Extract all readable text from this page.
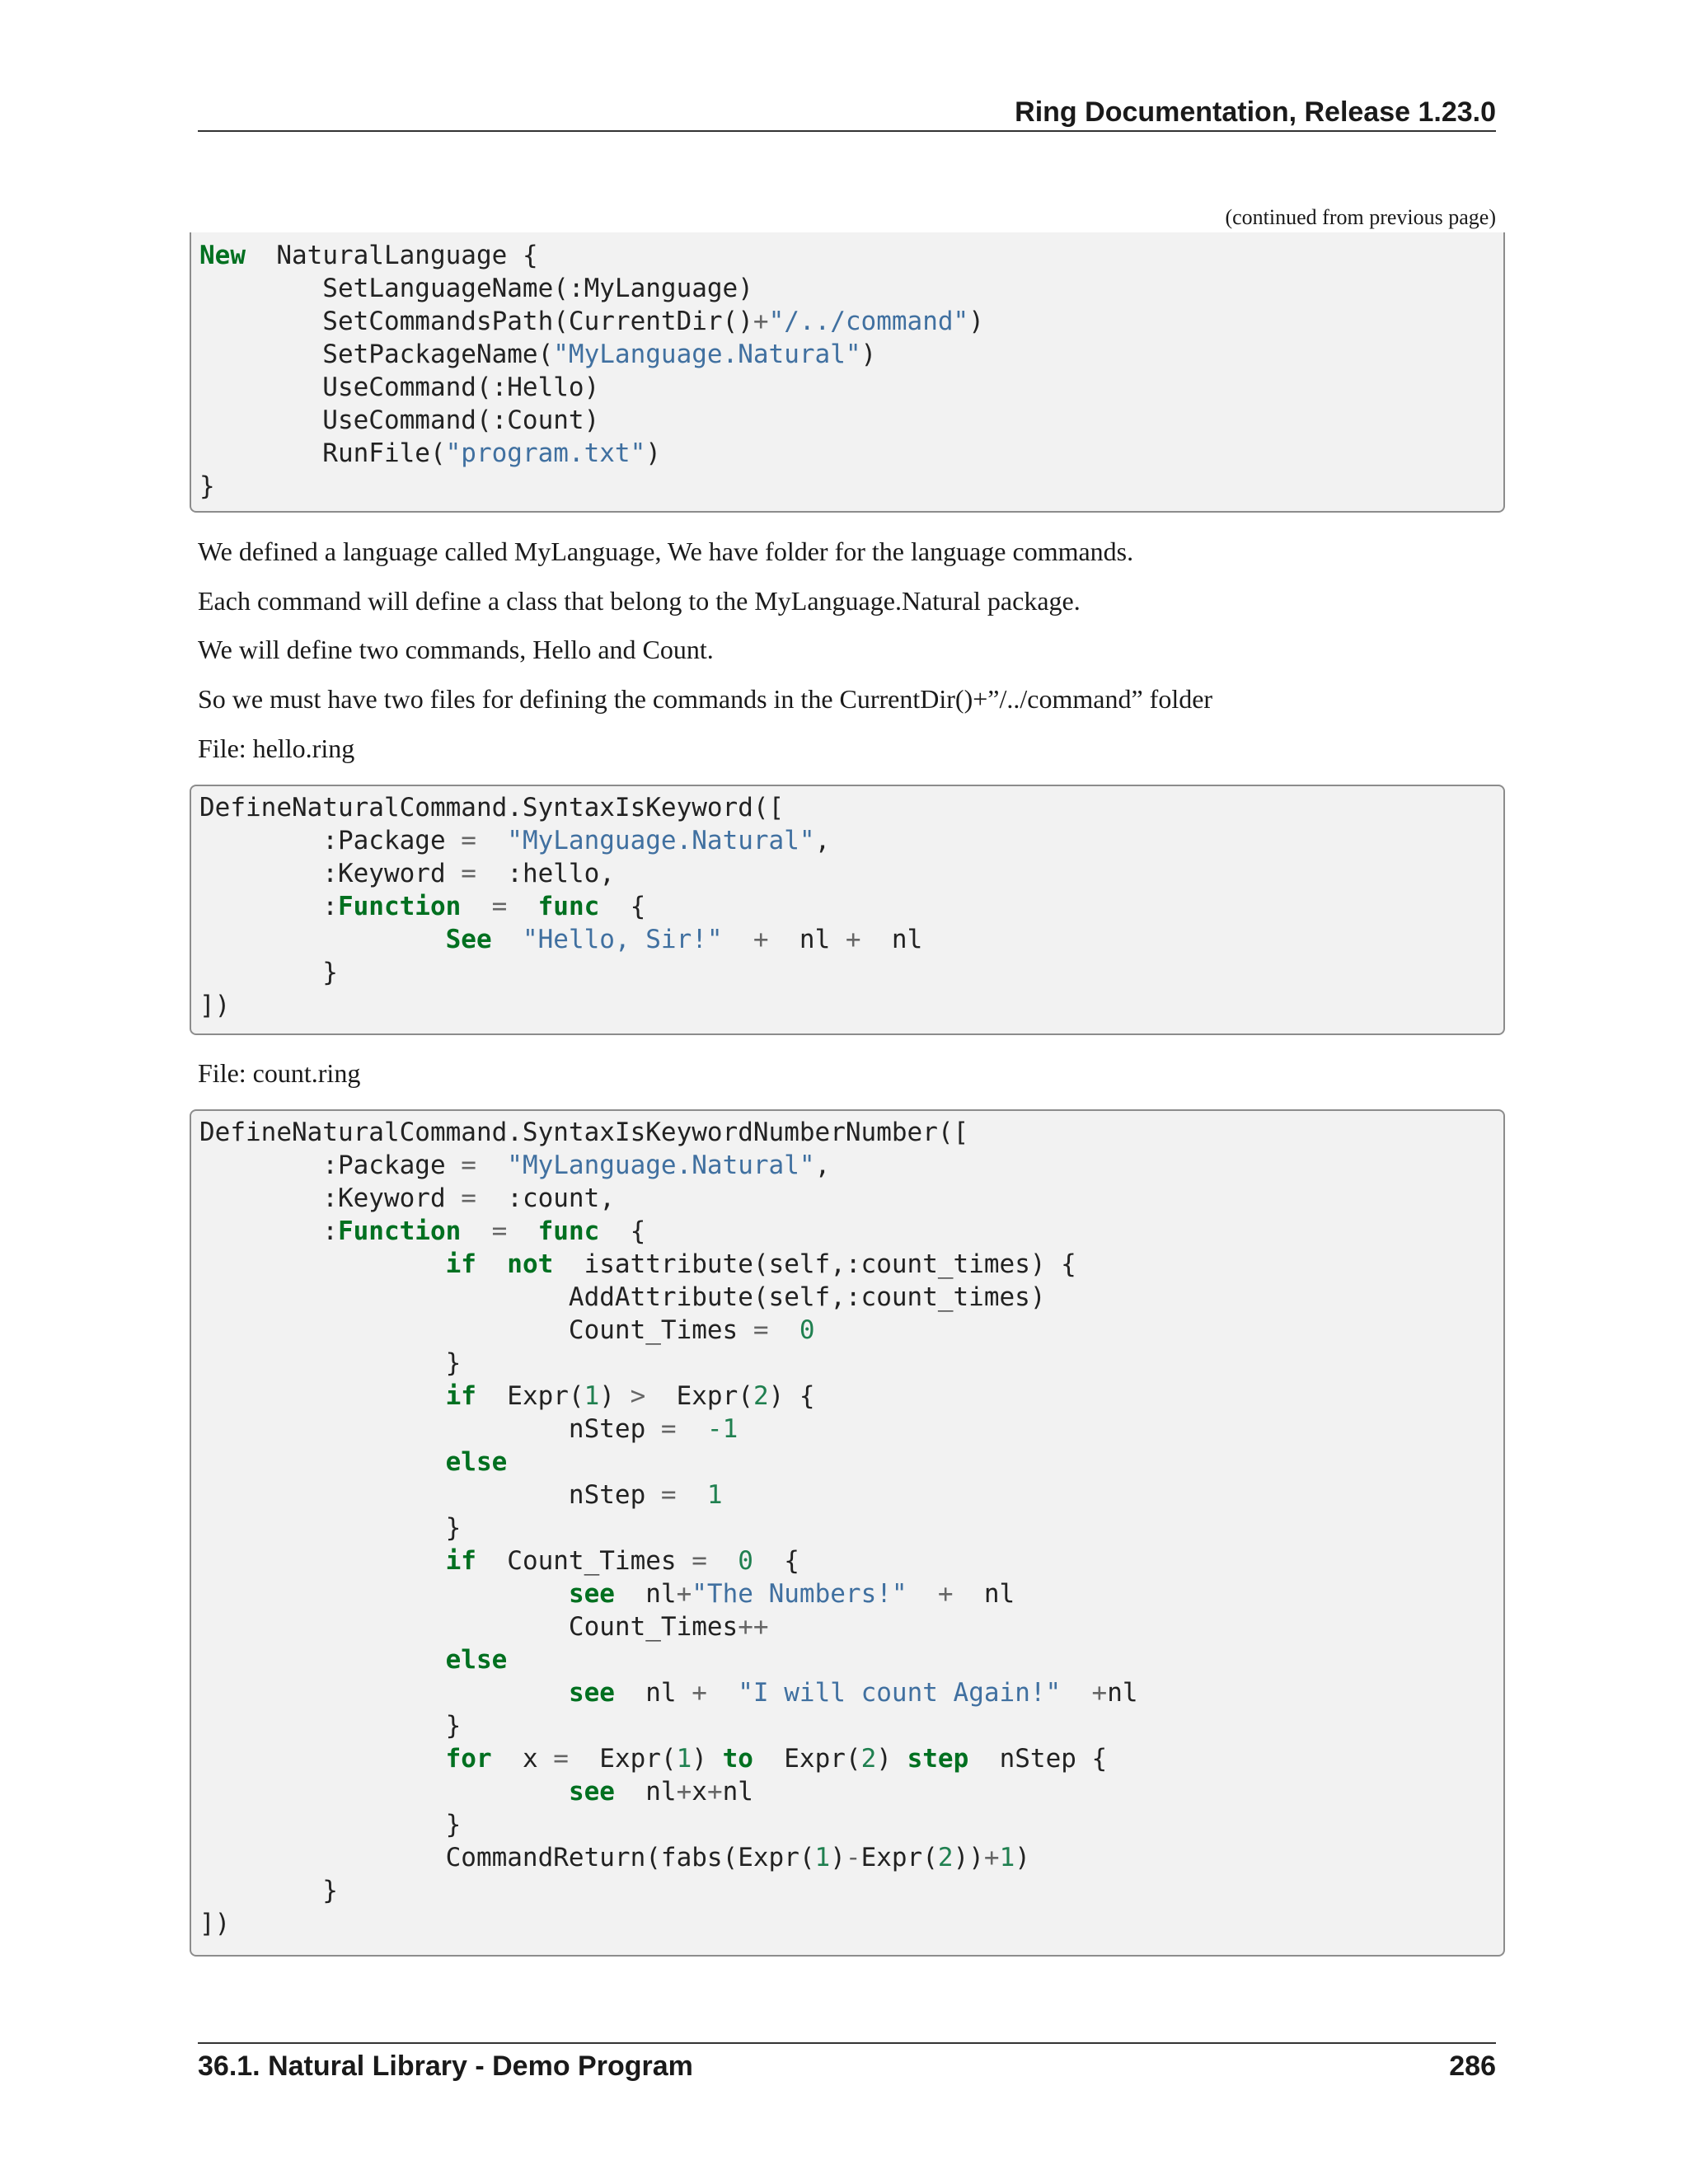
Ring Documentation, Release 1.23.0
(continued from previous page)
New  NaturalLanguage {
SetLanguageName(:MyLanguage)
SetCommandsPath(CurrentDir()+"/../command")
SetPackageName("MyLanguage.Natural")
UseCommand(:Hello)
UseCommand(:Count)
RunFile("program.txt")
}
We defined a language called MyLanguage, We have folder for the language commands.
Each command will define a class that belong to the MyLanguage.Natural package.
We will define two commands, Hello and Count.
So we must have two files for defining the commands in the CurrentDir()+”/../command” folder
File: hello.ring
DefineNaturalCommand.SyntaxIsKeyword([
:Package = "MyLanguage.Natural",
:Keyword =  :hello,
:Function = func  {
See "Hello, Sir!" +  nl +  nl
}
])
File: count.ring
DefineNaturalCommand.SyntaxIsKeywordNumberNumber([
:Package = "MyLanguage.Natural",
:Keyword =  :count,
:Function = func  {
if not  isattribute(self,:count_times) {
AddAttribute(self,:count_times)
Count_Times = 0
}
if  Expr(1) >  Expr(2) {
nStep = -1
else
nStep = 1
}
if  Count_Times = 0  {
see  nl+"The Numbers!" +  nl
Count_Times++
else
see  nl + "I will count Again!" +nl
}
for  x =  Expr(1) to  Expr(2) step  nStep {
see  nl+x+nl
}
CommandReturn(fabs(Expr(1)-Expr(2))+1)
}
])
36.1. Natural Library - Demo Program	286
